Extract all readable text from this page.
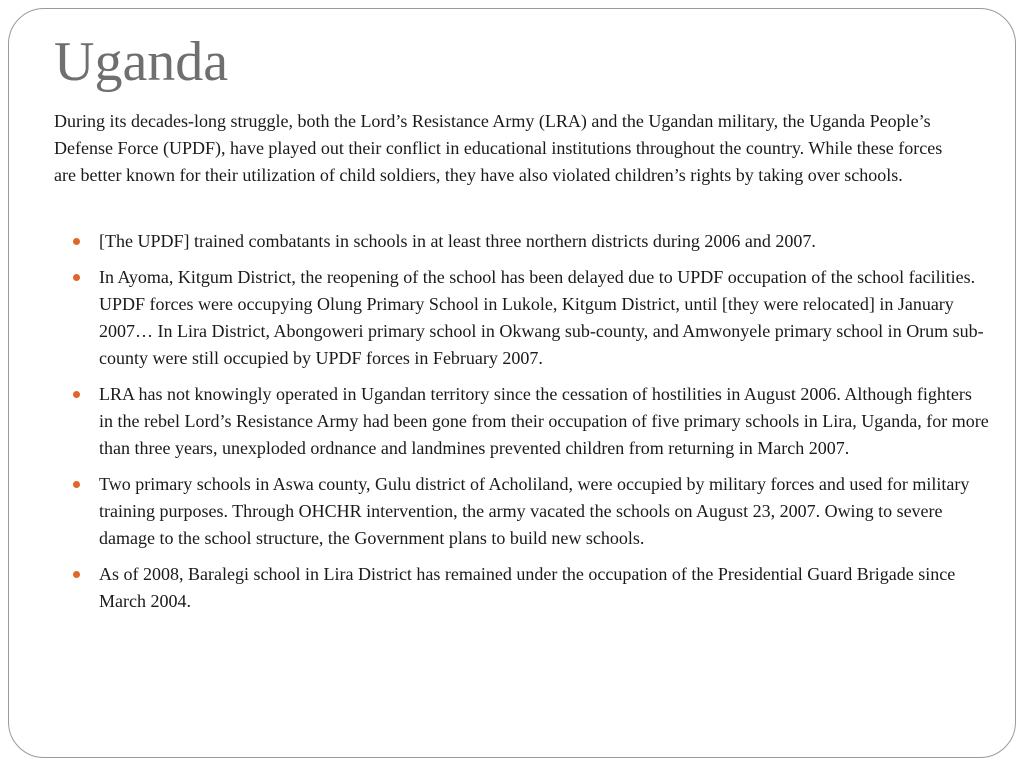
Uganda

During its decades-long struggle, both the Lord’s Resistance Army (LRA) and the Ugandan military, the Uganda People’s Defense Force (UPDF), have played out their conflict in educational institutions throughout the country. While these forces are better known for their utilization of child soldiers, they have also violated children’s rights by taking over schools.

[The UPDF] trained combatants in schools in at least three northern districts during 2006 and 2007.
In Ayoma, Kitgum District, the reopening of the school has been delayed due to UPDF occupation of the school facilities. UPDF forces were occupying Olung Primary School in Lukole, Kitgum District, until [they were relocated] in January 2007… In Lira District, Abongoweri primary school in Okwang sub-county, and Amwonyele primary school in Orum sub-county were still occupied by UPDF forces in February 2007.
LRA has not knowingly operated in Ugandan territory since the cessation of hostilities in August 2006. Although fighters in the rebel Lord’s Resistance Army had been gone from their occupation of five primary schools in Lira, Uganda, for more than three years, unexploded ordnance and landmines prevented children from returning in March 2007.
Two primary schools in Aswa county, Gulu district of Acholiland, were occupied by military forces and used for military training purposes. Through OHCHR intervention, the army vacated the schools on August 23, 2007. Owing to severe damage to the school structure, the Government plans to build new schools.
As of 2008, Baralegi school in Lira District has remained under the occupation of the Presidential Guard Brigade since March 2004.
